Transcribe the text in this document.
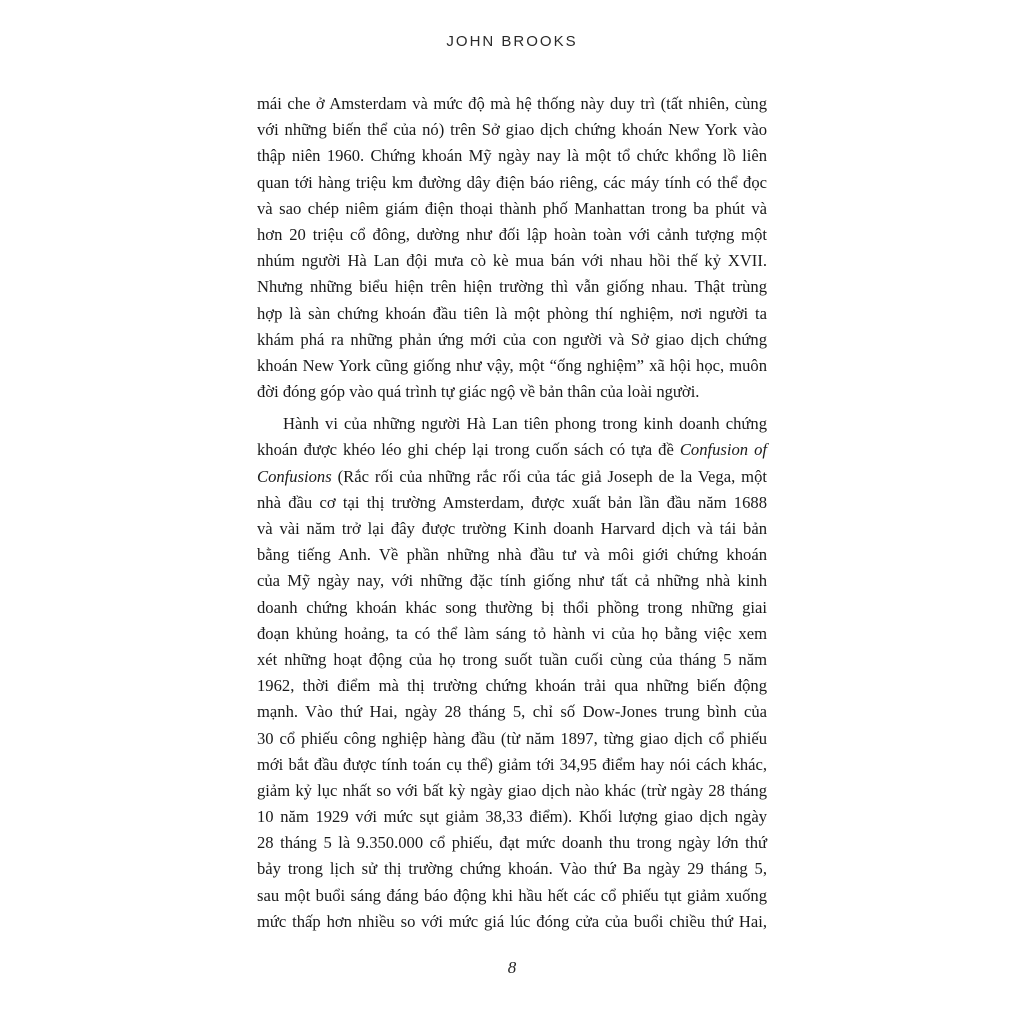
JOHN BROOKS
mái che ở Amsterdam và mức độ mà hệ thống này duy trì (tất nhiên, cùng
với những biến thể của nó) trên Sở giao dịch chứng khoán New York vào
thập niên 1960. Chứng khoán Mỹ ngày nay là một tổ chức khổng lồ liên
quan tới hàng triệu km đường dây điện báo riêng, các máy tính có thể đọc
và sao chép niêm giám điện thoại thành phố Manhattan trong ba phút và
hơn 20 triệu cổ đông, dường như đối lập hoàn toàn với cảnh tượng một
nhúm người Hà Lan đội mưa cò kè mua bán với nhau hồi thế kỷ XVII.
Nhưng những biểu hiện trên hiện trường thì vẫn giống nhau. Thật trùng
hợp là sàn chứng khoán đầu tiên là một phòng thí nghiệm, nơi người ta
khám phá ra những phản ứng mới của con người và Sở giao dịch chứng
khoán New York cũng giống như vậy, một “ống nghiệm” xã hội học, muôn
đời đóng góp vào quá trình tự giác ngộ về bản thân của loài người.
Hành vi của những người Hà Lan tiên phong trong kinh doanh chứng
khoán được khéo léo ghi chép lại trong cuốn sách có tựa đề Confusion of
Confusions (Rắc rối của những rắc rối của tác giả Joseph de la Vega, một
nhà đầu cơ tại thị trường Amsterdam, được xuất bản lần đầu năm 1688
và vài năm trở lại đây được trường Kinh doanh Harvard dịch và tái bản
bằng tiếng Anh. Về phần những nhà đầu tư và môi giới chứng khoán
của Mỹ ngày nay, với những đặc tính giống như tất cả những nhà kinh
doanh chứng khoán khác song thường bị thổi phồng trong những giai
đoạn khủng hoảng, ta có thể làm sáng tỏ hành vi của họ bằng việc xem
xét những hoạt động của họ trong suốt tuần cuối cùng của tháng 5 năm
1962, thời điểm mà thị trường chứng khoán trải qua những biến động
mạnh. Vào thứ Hai, ngày 28 tháng 5, chỉ số Dow-Jones trung bình của
30 cổ phiếu công nghiệp hàng đầu (từ năm 1897, từng giao dịch cổ phiếu
mới bắt đầu được tính toán cụ thể) giảm tới 34,95 điểm hay nói cách khác,
giảm kỷ lục nhất so với bất kỳ ngày giao dịch nào khác (trừ ngày 28 tháng
10 năm 1929 với mức sụt giảm 38,33 điểm). Khối lượng giao dịch ngày
28 tháng 5 là 9.350.000 cổ phiếu, đạt mức doanh thu trong ngày lớn thứ
bảy trong lịch sử thị trường chứng khoán. Vào thứ Ba ngày 29 tháng 5,
sau một buổi sáng đáng báo động khi hầu hết các cổ phiếu tụt giảm xuống
mức thấp hơn nhiều so với mức giá lúc đóng cửa của buổi chiều thứ Hai,
8
